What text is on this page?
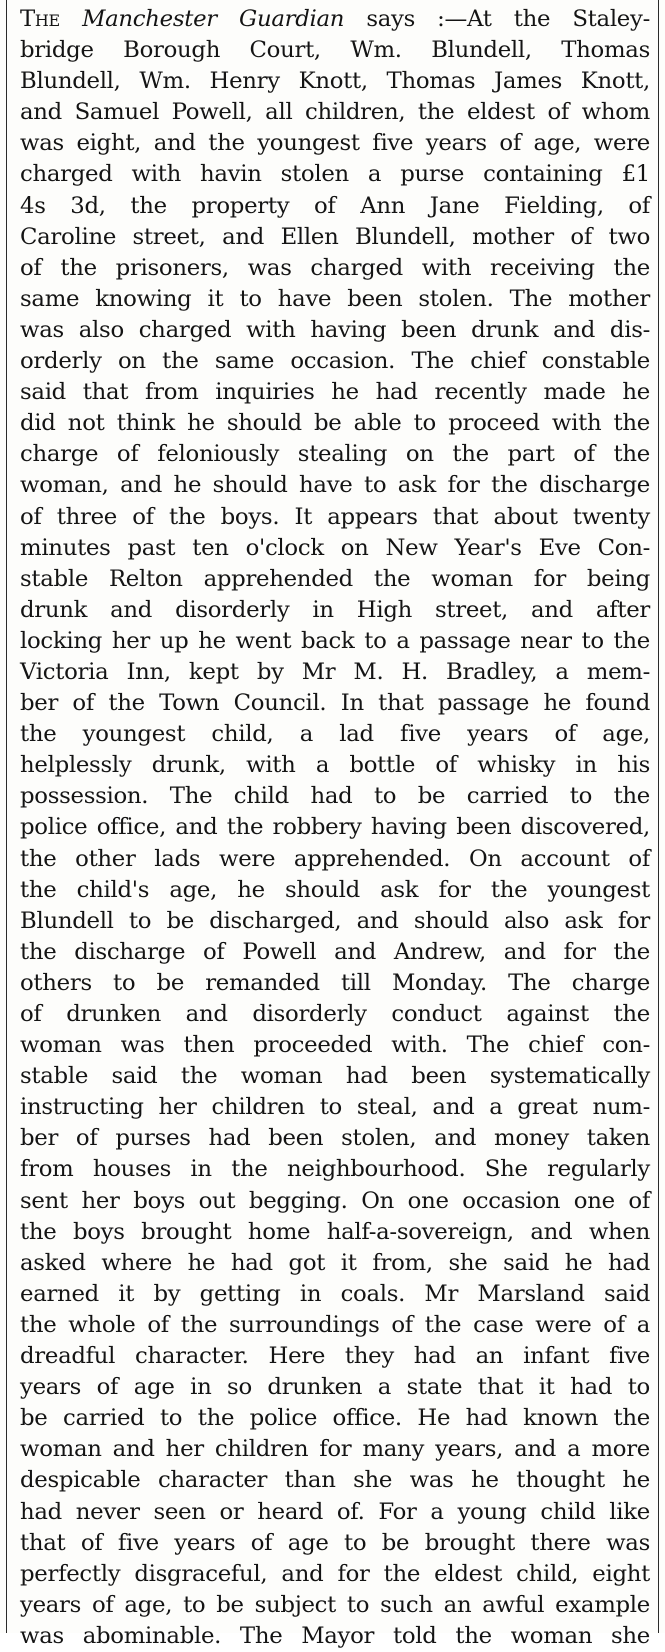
The Manchester Guardian says :—At the Staley-
bridge Borough Court, Wm. Blundell, Thomas
Blundell, Wm. Henry Knott, Thomas James Knott,
and Samuel Powell, all children, the eldest of whom
was eight, and the youngest five years of age, were
charged with havin stolen a purse containing £1
4s 3d, the property of Ann Jane Fielding, of
Caroline street, and Ellen Blundell, mother of two
of the prisoners, was charged with receiving the
same knowing it to have been stolen. The mother
was also charged with having been drunk and dis-
orderly on the same occasion. The chief constable
said that from inquiries he had recently made he
did not think he should be able to proceed with the
charge of feloniously stealing on the part of the
woman, and he should have to ask for the discharge
of three of the boys. It appears that about twenty
minutes past ten o'clock on New Year's Eve Con-
stable Relton apprehended the woman for being
drunk and disorderly in High street, and after
locking her up he went back to a passage near to the
Victoria Inn, kept by Mr M. H. Bradley, a mem-
ber of the Town Council. In that passage he found
the youngest child, a lad five years of age,
helplessly drunk, with a bottle of whisky in his
possession. The child had to be carried to the
police office, and the robbery having been discovered,
the other lads were apprehended. On account of
the child's age, he should ask for the youngest
Blundell to be discharged, and should also ask for
the discharge of Powell and Andrew, and for the
others to be remanded till Monday. The charge
of drunken and disorderly conduct against the
woman was then proceeded with. The chief con-
stable said the woman had been systematically
instructing her children to steal, and a great num-
ber of purses had been stolen, and money taken
from houses in the neighbourhood. She regularly
sent her boys out begging. On one occasion one of
the boys brought home half-a-sovereign, and when
asked where he had got it from, she said he had
earned it by getting in coals. Mr Marsland said
the whole of the surroundings of the case were of a
dreadful character. Here they had an infant five
years of age in so drunken a state that it had to
be carried to the police office. He had known the
woman and her children for many years, and a more
despicable character than she was he thought he
had never seen or heard of. For a young child like
that of five years of age to be brought there was
perfectly disgraceful, and for the eldest child, eight
years of age, to be subject to such an awful example
was abominable. The Mayor told the woman she
